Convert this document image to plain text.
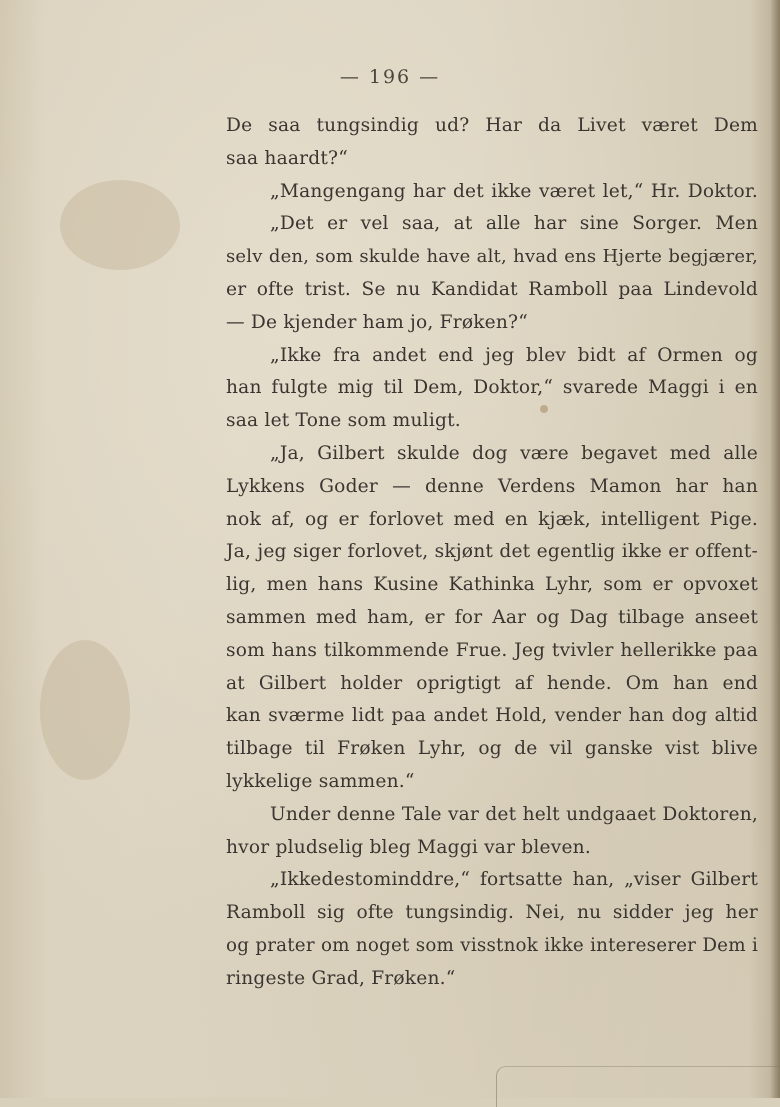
— 196 —
De saa tungsindig ud? Har da Livet været Dem
saa haardt?“
„Mangengang har det ikke været let,“ Hr. Doktor.
„Det er vel saa, at alle har sine Sorger. Men
selv den, som skulde have alt, hvad ens Hjerte begjærer,
er ofte trist. Se nu Kandidat Ramboll paa Lindevold
— De kjender ham jo, Frøken?“
„Ikke fra andet end jeg blev bidt af Ormen og
han fulgte mig til Dem, Doktor,“ svarede Maggi i en
saa let Tone som muligt.
„Ja, Gilbert skulde dog være begavet med alle
Lykkens Goder — denne Verdens Mamon har han
nok af, og er forlovet med en kjæk, intelligent Pige.
Ja, jeg siger forlovet, skjønt det egentlig ikke er offent-
lig, men hans Kusine Kathinka Lyhr, som er opvoxet
sammen med ham, er for Aar og Dag tilbage anseet
som hans tilkommende Frue. Jeg tvivler hellerikke paa
at Gilbert holder oprigtigt af hende. Om han end
kan sværme lidt paa andet Hold, vender han dog altid
tilbage til Frøken Lyhr, og de vil ganske vist blive
lykkelige sammen.“
Under denne Tale var det helt undgaaet Doktoren,
hvor pludselig bleg Maggi var bleven.
„Ikkedestominddre,“ fortsatte han, „viser Gilbert
Ramboll sig ofte tungsindig. Nei, nu sidder jeg her
og prater om noget som visstnok ikke intereserer Dem i
ringeste Grad, Frøken.“
